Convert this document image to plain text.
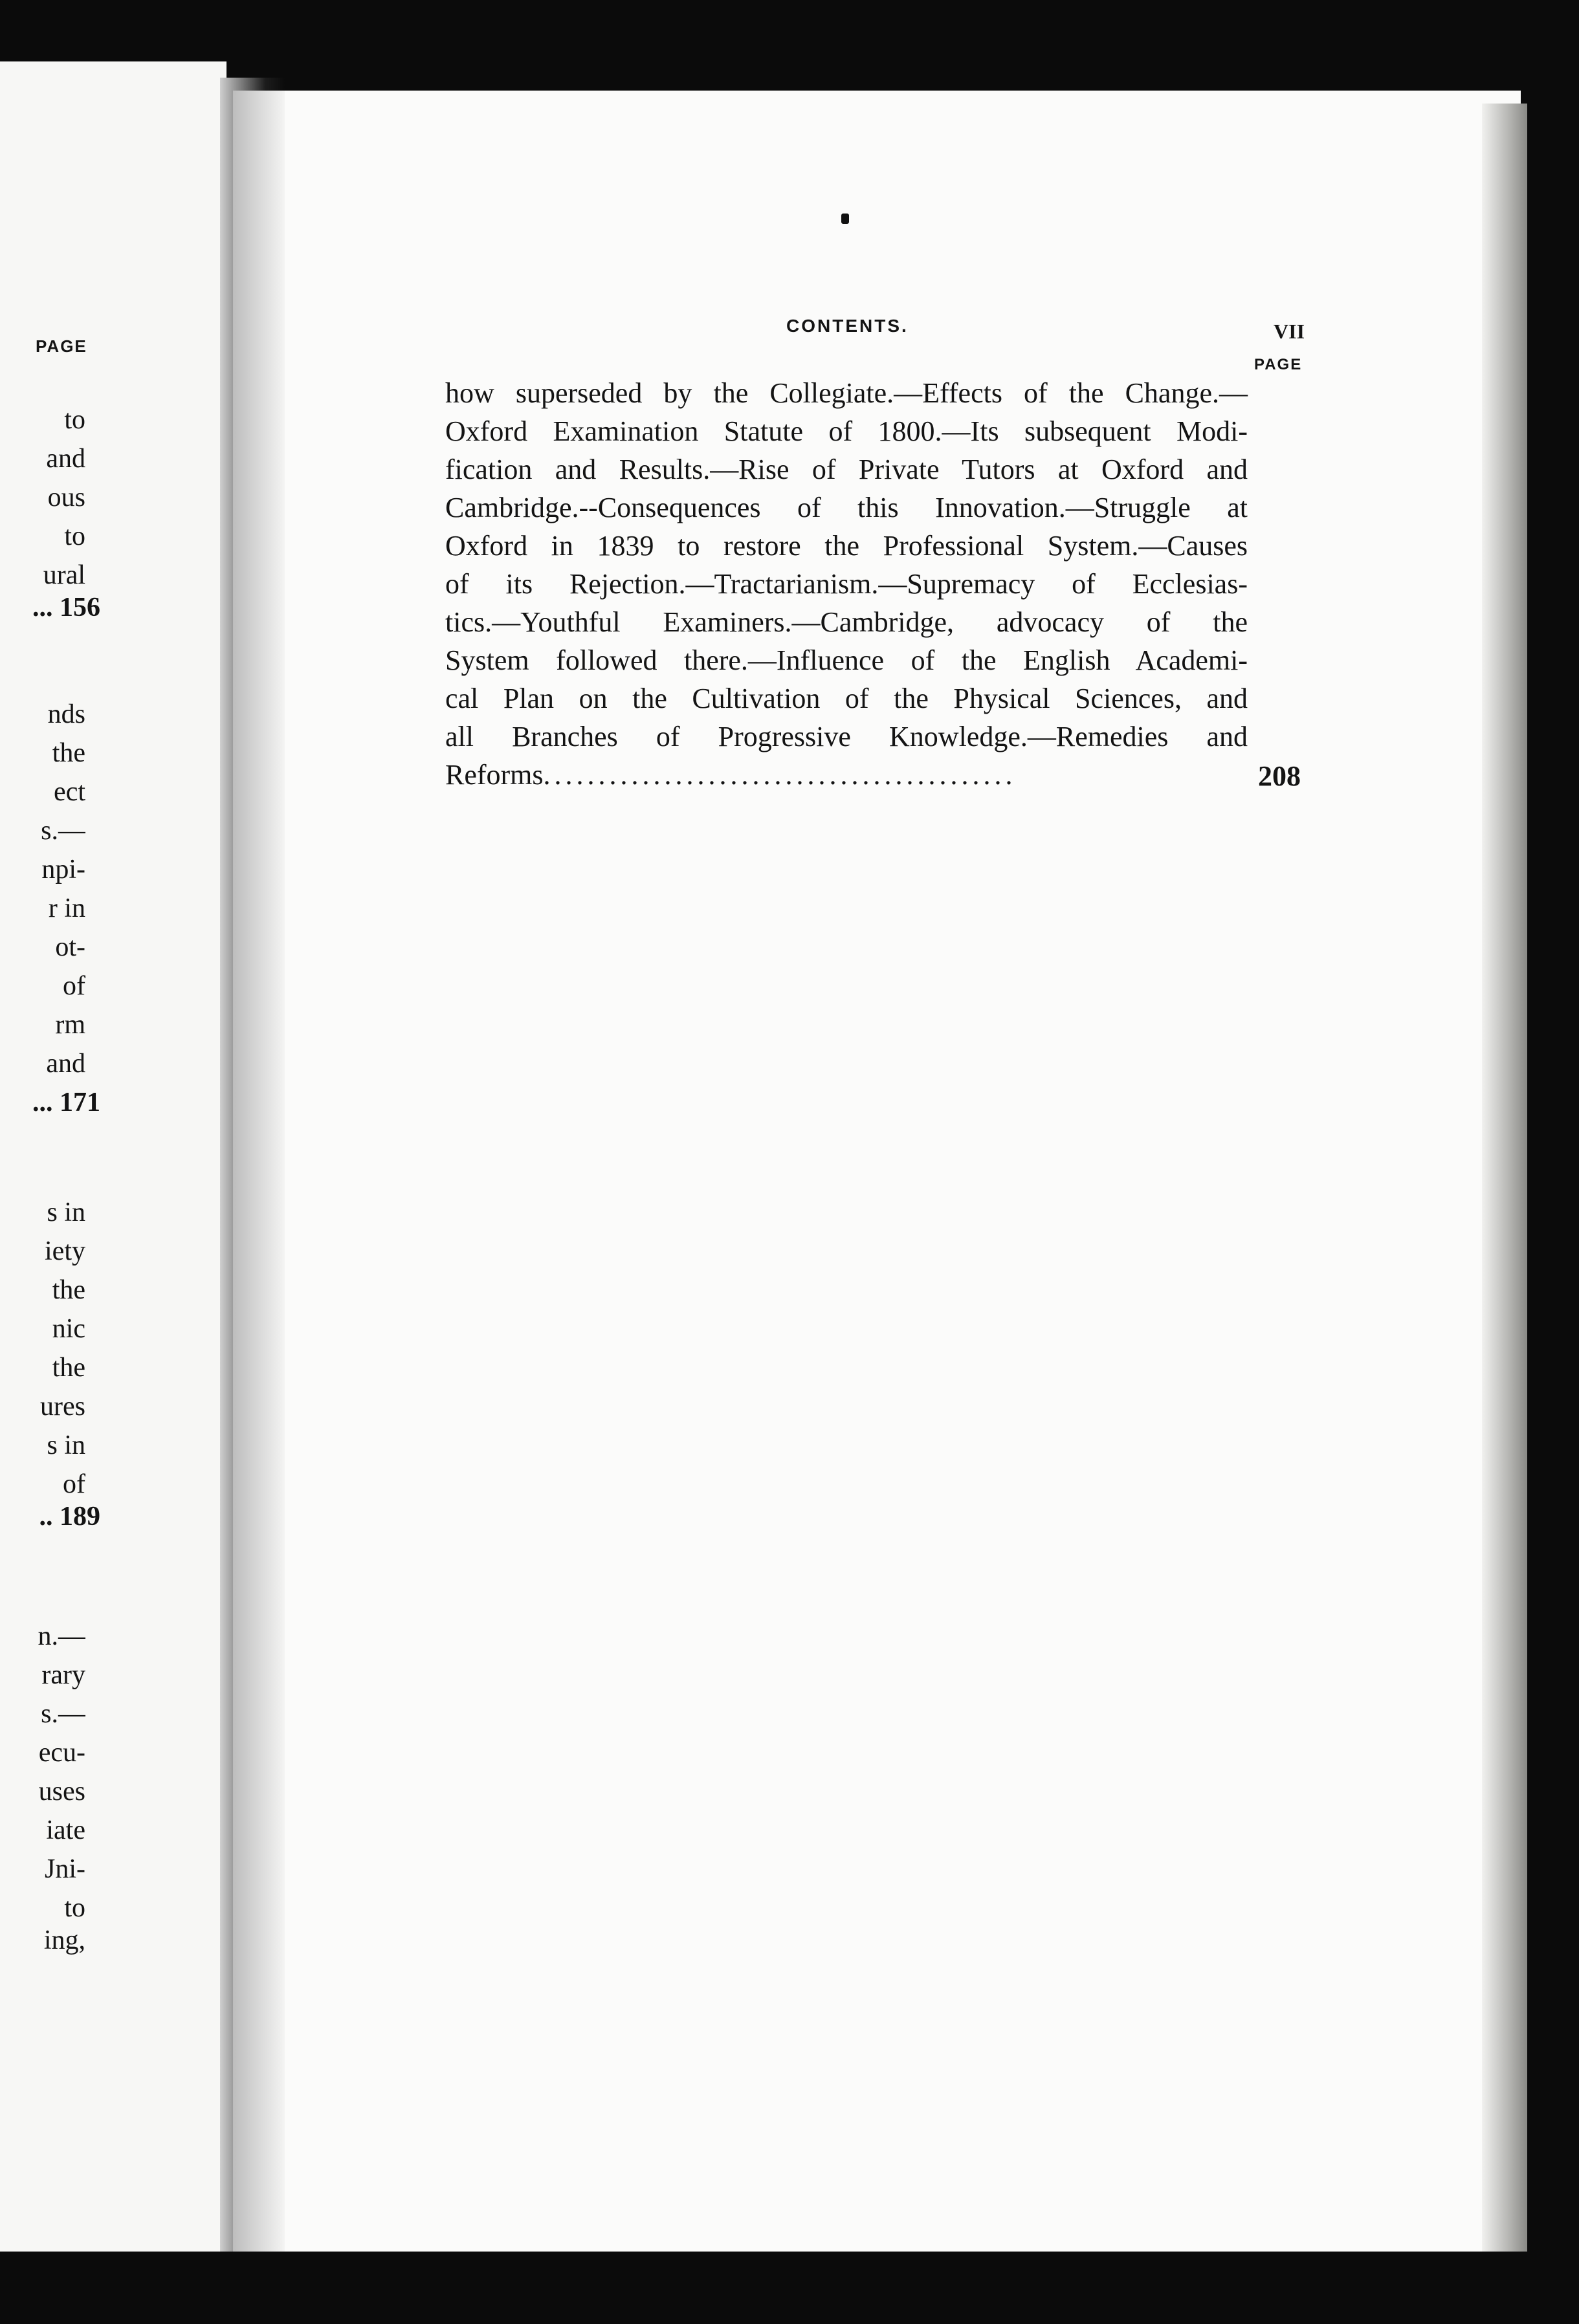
PAGE
to
and
ous
to
ural
... 156
nds
the
ect
s.—
npi-
r in
ot-
of
rm
and
... 171
s in
iety
the
nic
the
ures
s in
of
.. 189
n.—
rary
s.—
ecu-
uses
iate
Jni-
to
ing,
CONTENTS.	VII
PAGE
how superseded by the Collegiate.—Effects of the Change.—
Oxford Examination Statute of 1800.—Its subsequent Modi-
fication and Results.—Rise of Private Tutors at Oxford and
Cambridge.--Consequences of this Innovation.—Struggle at
Oxford in 1839 to restore the Professional System.—Causes
of its Rejection.—Tractarianism.—Supremacy of Ecclesias-
tics.—Youthful Examiners.—Cambridge, advocacy of the
System followed there.—Influence of the English Academi-
cal Plan on the Cultivation of the Physical Sciences, and
all Branches of Progressive Knowledge.—Remedies and
Reforms ...........................................	208
